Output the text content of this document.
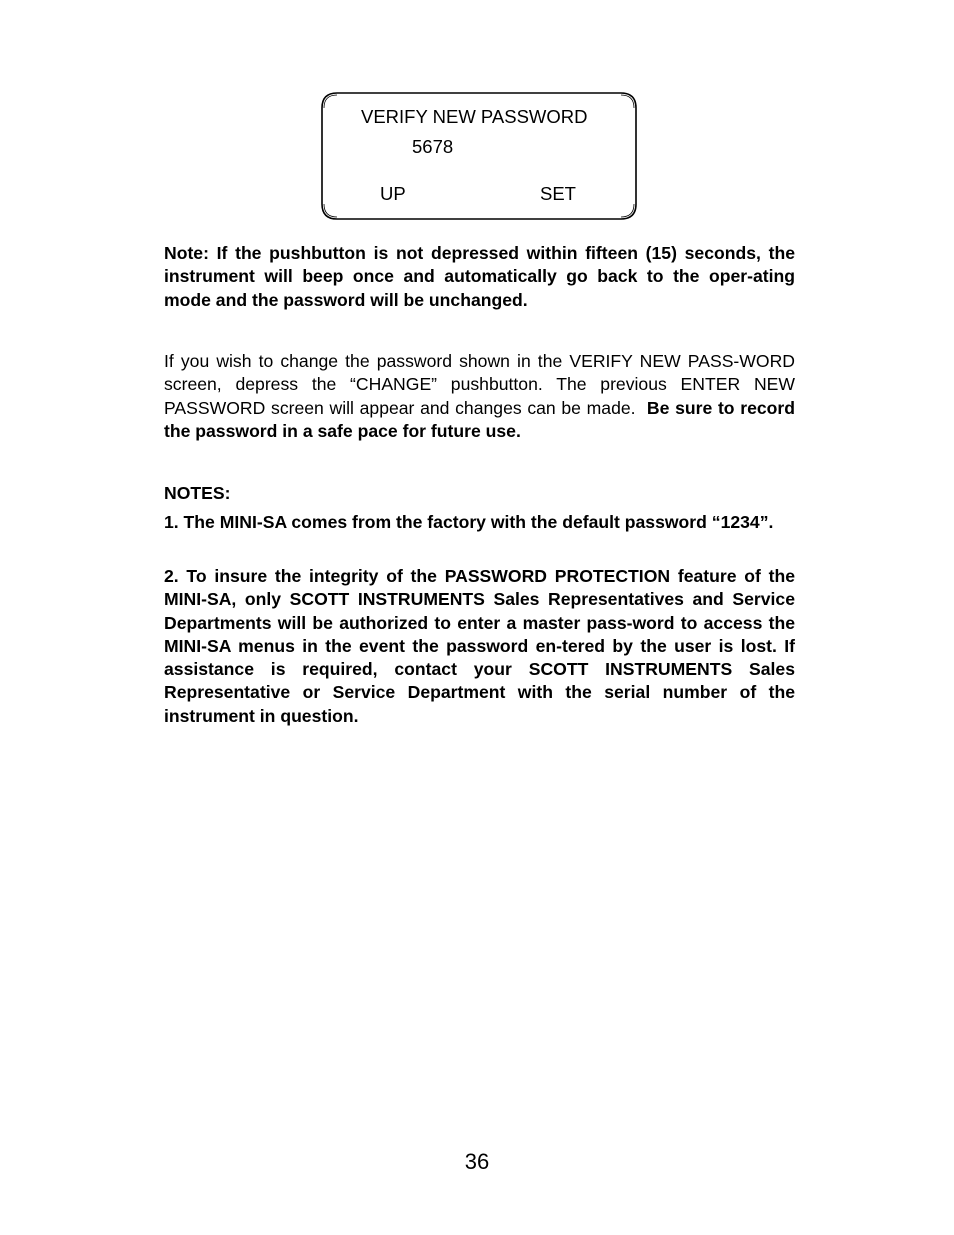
VERIFY NEW PASSWORD
5678
UP	SET
Note: If the pushbutton is not depressed within fifteen (15) seconds, the instrument will beep once and automatically go back to the oper-ating mode and the password will be unchanged.
If you wish to change the password shown in the VERIFY NEW PASS-WORD screen, depress the “CHANGE” pushbutton. The previous ENTER NEW PASSWORD screen will appear and changes can be made. Be sure to record the password in a safe pace for future use.
NOTES:
1. The MINI-SA comes from the factory with the default password “1234”.
2. To insure the integrity of the PASSWORD PROTECTION feature of the MINI-SA, only SCOTT INSTRUMENTS Sales Representatives and Service Departments will be authorized to enter a master pass-word to access the MINI-SA menus in the event the password en-tered by the user is lost. If assistance is required, contact your SCOTT INSTRUMENTS Sales Representative or Service Department with the serial number of the instrument in question.
36
